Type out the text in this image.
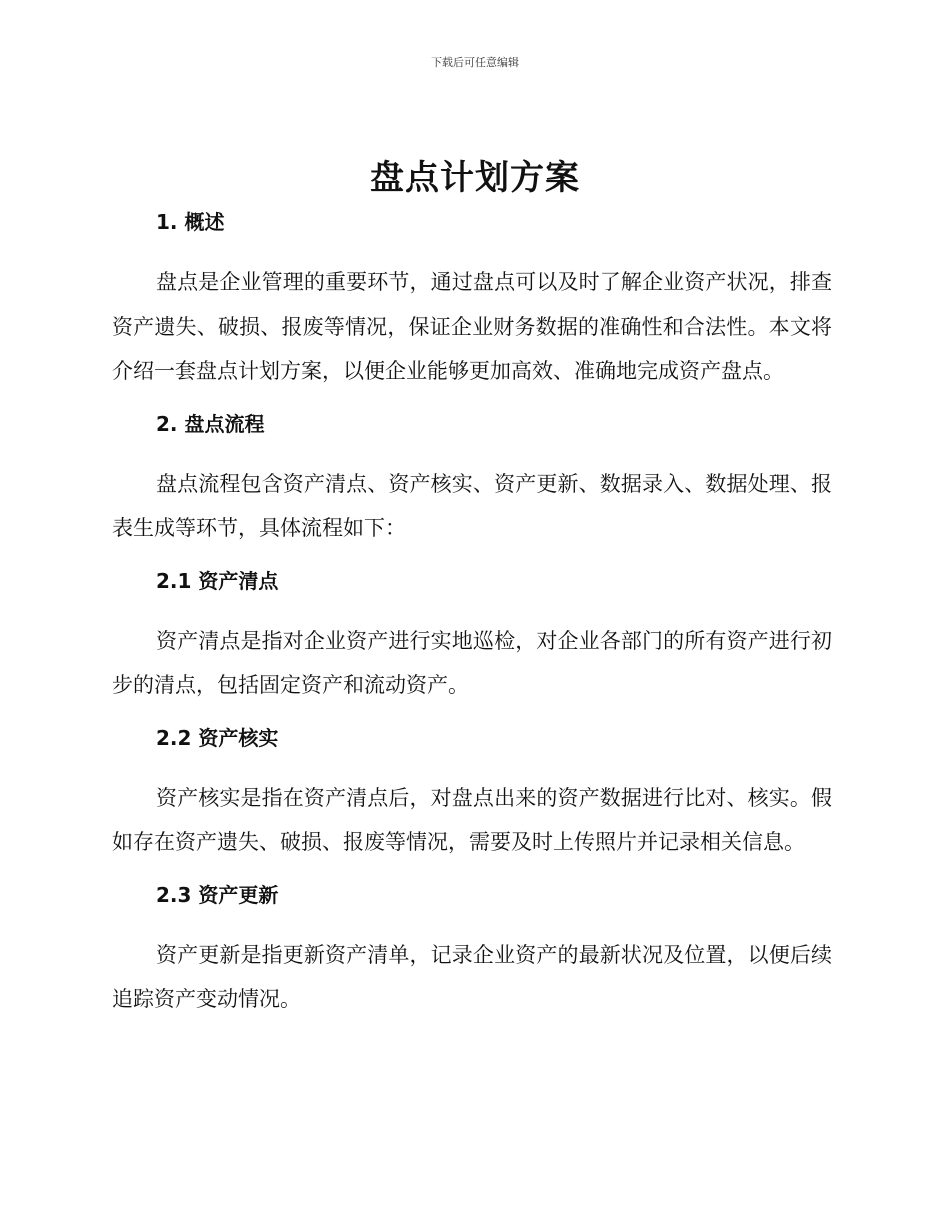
下载后可任意编辑
盘点计划方案
1. 概述

盘点是企业管理的重要环节，通过盘点可以及时了解企业资产状况，排查资产遗失、破损、报废等情况，保证企业财务数据的准确性和合法性。本文将介绍一套盘点计划方案，以便企业能够更加高效、准确地完成资产盘点。

2. 盘点流程

盘点流程包含资产清点、资产核实、资产更新、数据录入、数据处理、报表生成等环节，具体流程如下：

2.1 资产清点

资产清点是指对企业资产进行实地巡检，对企业各部门的所有资产进行初步的清点，包括固定资产和流动资产。

2.2 资产核实

资产核实是指在资产清点后，对盘点出来的资产数据进行比对、核实。假如存在资产遗失、破损、报废等情况，需要及时上传照片并记录相关信息。

2.3 资产更新

资产更新是指更新资产清单，记录企业资产的最新状况及位置，以便后续追踪资产变动情况。
